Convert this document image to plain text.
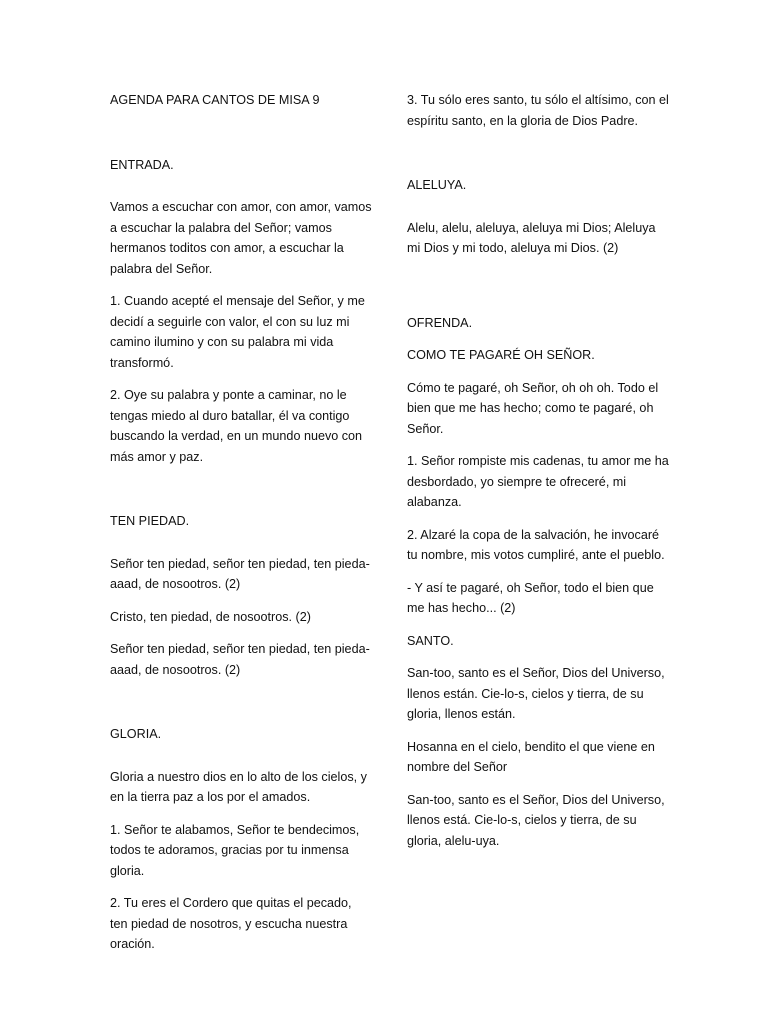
AGENDA PARA CANTOS DE MISA 9

ENTRADA.

Vamos a escuchar con amor, con amor, vamos a escuchar la palabra del Señor; vamos hermanos toditos con amor, a escuchar la palabra del Señor.

1. Cuando acepté el mensaje del Señor, y me decidí a seguirle con valor, el con su luz mi camino ilumino y con su palabra mi vida transformó.

2. Oye su palabra y ponte a caminar, no le tengas miedo al duro batallar, él va contigo buscando la verdad, en un mundo nuevo con más amor y paz.

TEN PIEDAD.

Señor ten piedad, señor ten piedad, ten pieda-aaad, de nosootros. (2)

Cristo, ten piedad, de nosootros. (2)

Señor ten piedad, señor ten piedad, ten pieda-aaad, de nosootros. (2)

GLORIA.

Gloria a nuestro dios en lo alto de los cielos, y en la tierra paz a los por el amados.

1. Señor te alabamos, Señor te bendecimos, todos te adoramos, gracias por tu inmensa gloria.

2. Tu eres el Cordero que quitas el pecado, ten piedad de nosotros, y escucha nuestra oración.

3. Tu sólo eres santo, tu sólo el altísimo, con el espíritu santo, en la gloria de Dios Padre.

ALELUYA.

Alelu, alelu, aleluya, aleluya mi Dios; Aleluya mi Dios y mi todo, aleluya mi Dios. (2)

OFRENDA.

COMO TE PAGARÉ OH SEÑOR.

Cómo te pagaré, oh Señor, oh oh oh. Todo el bien que me has hecho; como te pagaré, oh Señor.

1. Señor rompiste mis cadenas, tu amor me ha desbordado, yo siempre te ofreceré, mi alabanza.

2. Alzaré la copa de la salvación, he invocaré tu nombre, mis votos cumpliré, ante el pueblo.

- Y así te pagaré, oh Señor, todo el bien que me has hecho... (2)

SANTO.

San-too, santo es el Señor, Dios del Universo, llenos están. Cie-lo-s, cielos y tierra, de su gloria, llenos están.

Hosanna en el cielo, bendito el que viene en nombre del Señor

San-too, santo es el Señor, Dios del Universo, llenos está. Cie-lo-s, cielos y tierra, de su gloria, alelu-uya.
